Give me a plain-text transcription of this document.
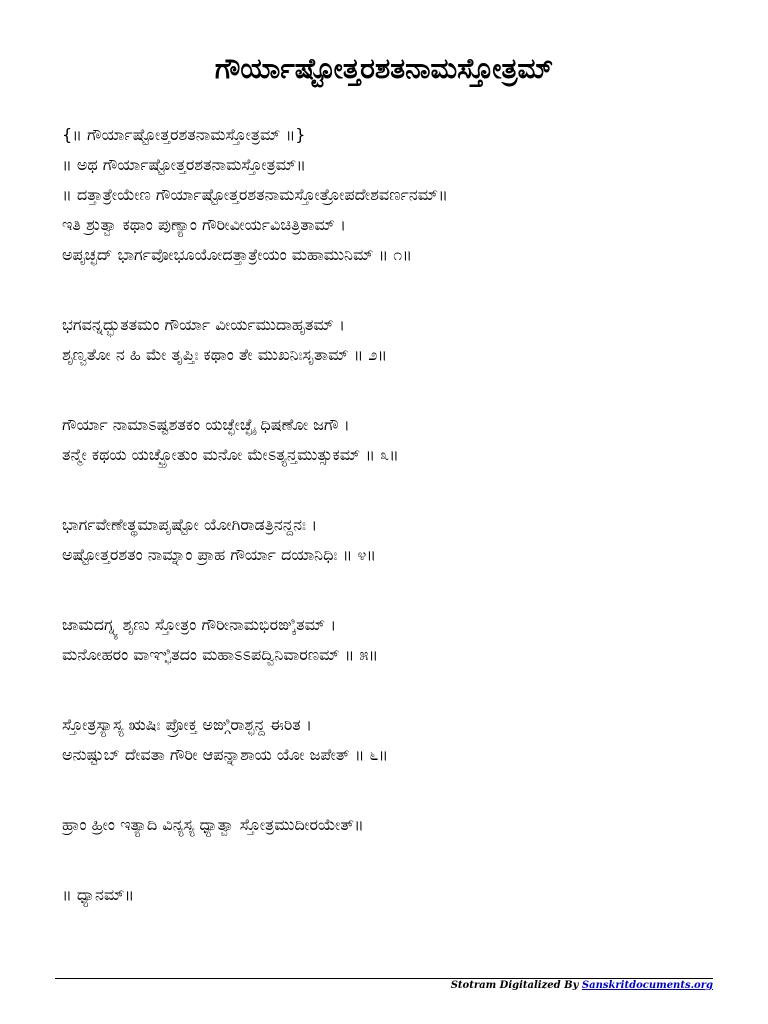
ಗೌರ್ಯಾಷ್ಟೋತ್ತರಶತನಾಮಸ್ತೋತ್ರಮ್
{॥ ಗೌರ್ಯಾಷ್ಟೋತ್ತರಶತನಾಮಸ್ತೋತ್ರಮ್ ॥}
॥ ಅಥ ಗೌರ್ಯಾಷ್ಟೋತ್ತರಶತನಾಮಸ್ತೋತ್ರಮ್॥
॥ ದತ್ತಾತ್ರೇಯೇಣ ಗೌರ್ಯಾಷ್ಟೋತ್ತರಶತನಾಮಸ್ತೋತ್ರೋಪದೇಶವರ್ಣನಮ್॥
ಇತಿ ಶ್ರುತ್ವಾ ಕಥಾಂ ಪುಣ್ಯಾಂ ಗೌರೀವೀರ್ಯವಿಚಿತ್ರಿತಾಮ್ ।
ಅಪೃಚ್ಛದ್ ಭಾರ್ಗವೋಭೂಯೋದತ್ತಾತ್ರೇಯಂ ಮಹಾಮುನಿಮ್ ॥ ೧॥
ಭಗವನ್ನದ್ಭುತತಮಂ ಗೌರ್ಯಾ ವೀರ್ಯಮುದಾಹೃತಮ್ ।
ಶೃಣ್ವತೋ ನ ಹಿ ಮೇ ತೃಪ್ತಿಃ ಕಥಾಂ ತೇ ಮುಖನಿಃಸೃತಾಮ್ ॥ ೨॥
ಗೌರ್ಯಾ ನಾಮಾಽಷ್ಟಶತಕಂ ಯಚ್ಛೇಚ್ಛೈ ಧಿಷಣೋ ಜಗೌ ।
ತನ್ಮೇ ಕಥಯ ಯಚ್ಛ್ರೋತುಂ ಮನೋ ಮೇಽತ್ಯನ್ತಮುತ್ಸುಕಮ್ ॥ ೩॥
ಭಾರ್ಗವೇಣೇತ್ಥಮಾಪೃಷ್ಟೋ ಯೋಗಿರಾಡತ್ರಿನನ್ದನಃ ।
ಅಷ್ಟೋತ್ತರಶತಂ ನಾಮ್ನಾಂ ಪ್ರಾಹ ಗೌರ್ಯಾ ದಯಾನಿಧಿಃ ॥ ೪॥
ಜಾಮದಗ್ನ್ಯ ಶೃಣು ಸ್ತೋತ್ರಂ ಗೌರೀನಾಮಭಿರಙ್ಕಿತಮ್ ।
ಮನೋಹರಂ ವಾಞ್ಛಿತದಂ ಮಹಾಽಽಪದ್ವಿನಿವಾರಣಮ್ ॥ ೫॥
ಸ್ತೋತ್ರಸ್ಯಾಸ್ಯ ಋಷಿಃ ಪ್ರೋಕ್ತ ಅಙ್ಗಿರಾಶ್ಛನ್ದ ಈರಿತ ।
ಅನುಷ್ಟುಬ್ ದೇವತಾ ಗೌರೀ ಆಪನ್ನಾಶಾಯ ಯೋ ಜಪೇತ್ ॥ ೬॥
ಹ್ರಾಂ ಹ್ರೀಂ ಇತ್ಯಾದಿ ವಿನ್ಯಸ್ಯ ಧ್ಯಾತ್ವಾ ಸ್ತೋತ್ರಮುದೀರಯೇತ್॥
॥ ಧ್ಯಾನಮ್॥
Stotram Digitalized By Sanskritdocuments.org
